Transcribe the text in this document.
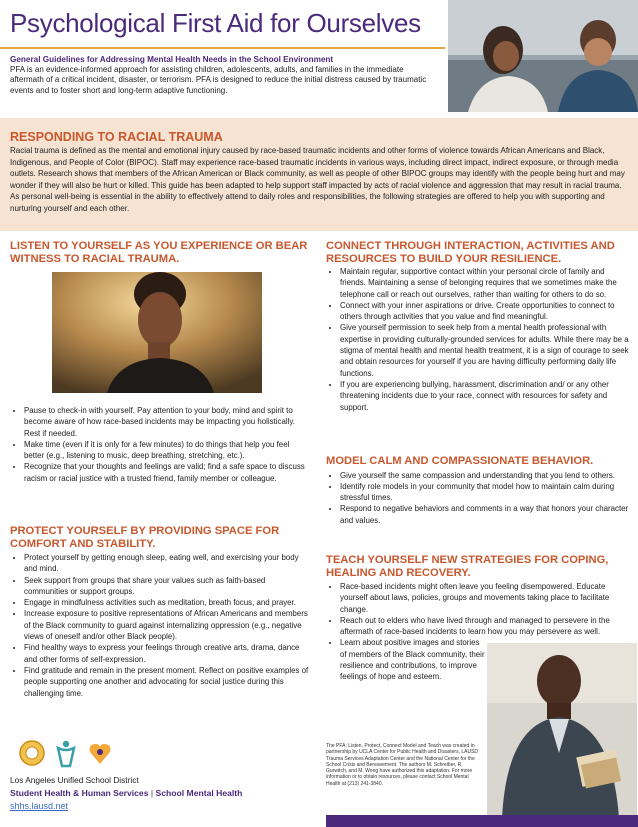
Psychological First Aid for Ourselves
General Guidelines for Addressing Mental Health Needs in the School Environment
PFA is an evidence-informed approach for assisting children, adolescents, adults, and families in the immediate aftermath of a critical incident, disaster, or terrorism. PFA is designed to reduce the initial distress caused by traumatic events and to foster short and long-term adaptive functioning.
RESPONDING TO RACIAL TRAUMA

Racial trauma is defined as the mental and emotional injury caused by race-based traumatic incidents and other forms of violence towards African Americans and Black, Indigenous, and People of Color (BIPOC). Staff may experience race-based traumatic incidents in various ways, including direct impact, indirect exposure, or through media outlets. Research shows that members of the African American or Black community, as well as people of other BIPOC groups may identify with the people being hurt and may wonder if they will also be hurt or killed. This guide has been adapted to help support staff impacted by acts of racial violence and aggression that may result in racial trauma. As personal well-being is essential in the ability to effectively attend to daily roles and responsibilities, the following strategies are offered to help you with supporting and nurturing yourself and each other.

LISTEN TO YOURSELF AS YOU EXPERIENCE OR BEAR WITNESS TO RACIAL TRAUMA.
• Pause to check-in with yourself. Pay attention to your body, mind and spirit to become aware of how race-based incidents may be impacting you holistically. Rest if needed.
• Make time (even if it is only for a few minutes) to do things that help you feel better (e.g., listening to music, deep breathing, stretching, etc.).
• Recognize that your thoughts and feelings are valid; find a safe space to discuss racism or racial justice with a trusted friend, family member or colleague.
PROTECT YOURSELF BY PROVIDING SPACE FOR COMFORT AND STABILITY.
• Protect yourself by getting enough sleep, eating well, and exercising your body and mind.
• Seek support from groups that share your values such as faith-based communities or support groups.
• Engage in mindfulness activities such as meditation, breath focus, and prayer.
• Increase exposure to positive representations of African Americans and members of the Black community to guard against internalizing oppression (e.g., negative views of oneself and/or other Black people).
• Find healthy ways to express your feelings through creative arts, drama, dance and other forms of self-expression.
• Find gratitude and remain in the present moment. Reflect on positive examples of people supporting one another and advocating for social justice during this challenging time.
CONNECT THROUGH INTERACTION, ACTIVITIES AND RESOURCES TO BUILD YOUR RESILIENCE.
• Maintain regular, supportive contact within your personal circle of family and friends. Maintaining a sense of belonging requires that we sometimes make the telephone call or reach out ourselves, rather than waiting for others to do so.
• Connect with your inner aspirations or drive. Create opportunities to connect to others through activities that you value and find meaningful.
• Give yourself permission to seek help from a mental health professional with expertise in providing culturally-grounded services for adults. While there may be a stigma of mental health and mental health treatment, it is a sign of courage to seek and obtain resources for yourself if you are having difficulty performing daily life functions.
• If you are experiencing bullying, harassment, discrimination and/ or any other threatening incidents due to your race, connect with resources for safety and support.
MODEL CALM AND COMPASSIONATE BEHAVIOR.
• Give yourself the same compassion and understanding that you lend to others.
• Identify role models in your community that model how to maintain calm during stressful times.
• Respond to negative behaviors and comments in a way that honors your character and values.
TEACH YOURSELF NEW STRATEGIES FOR COPING, HEALING AND RECOVERY.
• Race-based incidents might often leave you feeling disempowered. Educate yourself about laws, policies, groups and movements taking place to facilitate change.
• Reach out to elders who have lived through and managed to persevere in the aftermath of race-based incidents to learn how you may persevere as well.
• Learn about positive images and stories of members of the Black community, their resilience and contributions, to improve feelings of hope and esteem.
Los Angeles Unified School District
Student Health & Human Services | School Mental Health
shhs.lausd.net
The PFA: Listen, Protect, Connect Model and Teach was created in partnership by UCLA Center for Public Health and Disasters, LAUSD Trauma Services Adaptation Center and the National Center for the School Crisis and Bereavement. The authors M. Schreiber, R. Gurwitch, and M. Wong have authorized this adaptation. For more information or to obtain resources, please contact School Mental Health at (213) 241-3840.
